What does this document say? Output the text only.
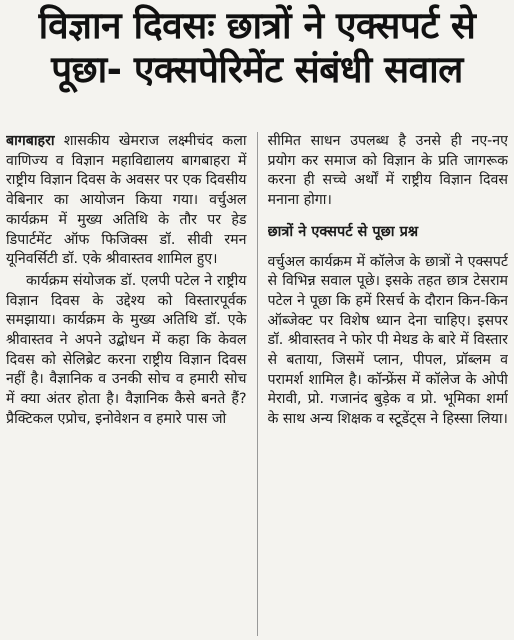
विज्ञान दिवसः छात्रों ने एक्सपर्ट से
पूछा- एक्सपेरिमेंट संबंधी सवाल

बागबाहरा शासकीय खेमराज लक्ष्मीचंद कला वाणिज्य व विज्ञान महाविद्यालय बागबाहरा में राष्ट्रीय विज्ञान दिवस के अवसर पर एक दिवसीय वेबिनार का आयोजन किया गया। वर्चुअल कार्यक्रम में मुख्य अतिथि के तौर पर हेड डिपार्टमेंट ऑफ फिजिक्स डॉ. सीवी रमन यूनिवर्सिटी डॉ. एके श्रीवास्तव शामिल हुए।

कार्यक्रम संयोजक डॉ. एलपी पटेल ने राष्ट्रीय विज्ञान दिवस के उद्देश्य को विस्तारपूर्वक समझाया। कार्यक्रम के मुख्य अतिथि डॉ. एके श्रीवास्तव ने अपने उद्बोधन में कहा कि केवल दिवस को सेलिब्रेट करना राष्ट्रीय विज्ञान दिवस नहीं है। वैज्ञानिक व उनकी सोच व हमारी सोच में क्या अंतर होता है। वैज्ञानिक कैसे बनते हैं? प्रैक्टिकल एप्रोच, इनोवेशन व हमारे पास जो

सीमित साधन उपलब्ध है उनसे ही नए-नए प्रयोग कर समाज को विज्ञान के प्रति जागरूक करना ही सच्चे अर्थों में राष्ट्रीय विज्ञान दिवस मनाना होगा।

छात्रों ने एक्सपर्ट से पूछा प्रश्न

वर्चुअल कार्यक्रम में कॉलेज के छात्रों ने एक्सपर्ट से विभिन्न सवाल पूछे। इसके तहत छात्र टेसराम पटेल ने पूछा कि हमें रिसर्च के दौरान किन-किन ऑब्जेक्ट पर विशेष ध्यान देना चाहिए। इसपर डॉ. श्रीवास्तव ने फोर पी मेथड के बारे में विस्तार से बताया, जिसमें प्लान, पीपल, प्रॉब्लम व परामर्श शामिल है। कॉन्फ्रेंस में कॉलेज के ओपी मेरावी, प्रो. गजानंद बुड़ेक व प्रो. भूमिका शर्मा के साथ अन्य शिक्षक व स्टूडेंट्स ने हिस्सा लिया।
